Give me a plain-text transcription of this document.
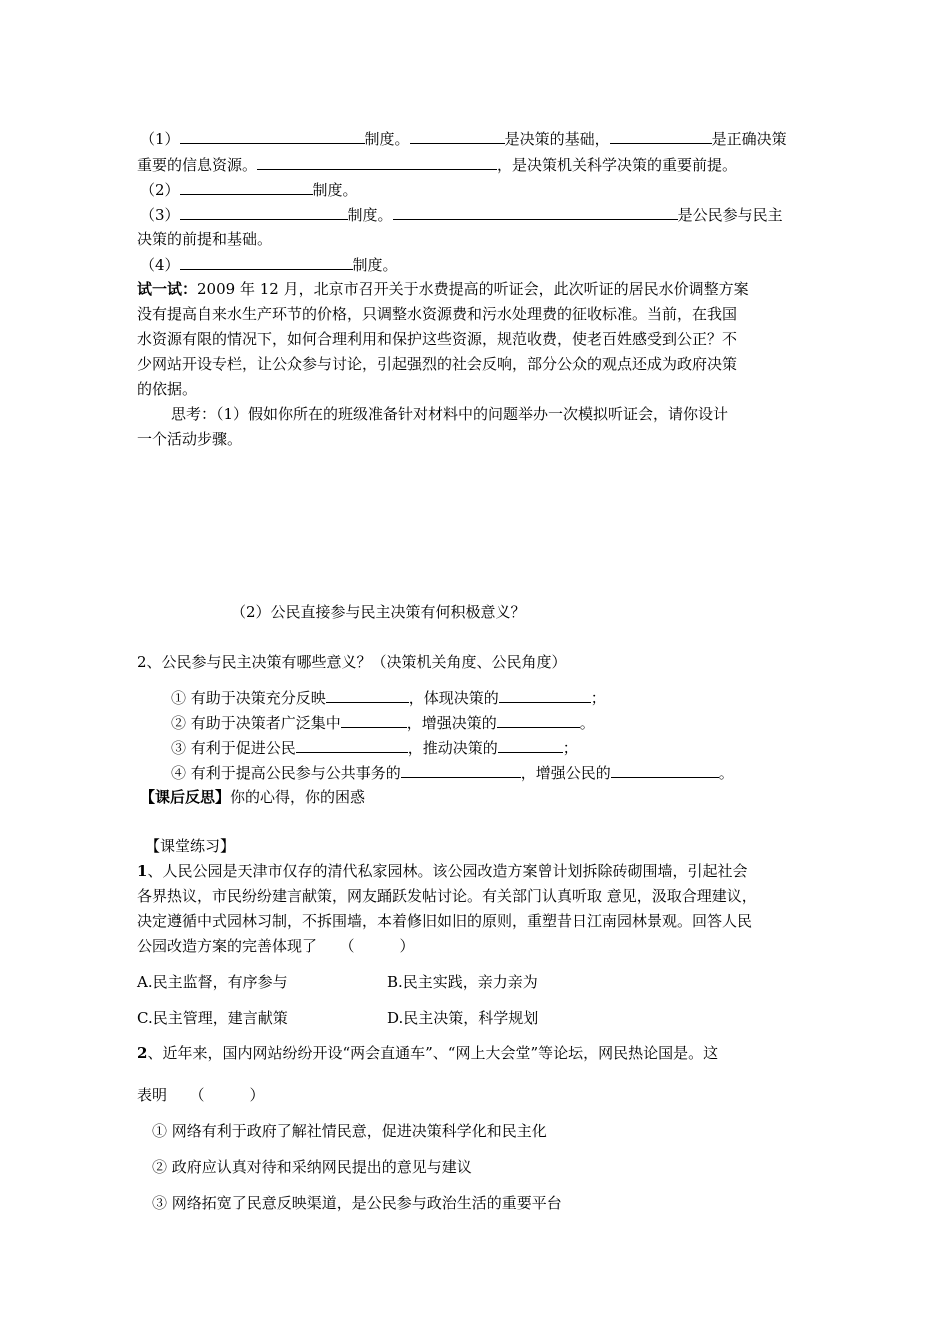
（1）	制度。	是决策的基础，	是正确决策
重要的信息资源。	，是决策机关科学决策的重要前提。
（2）	制度。
（3）	制度。	是公民参与民主
决策的前提和基础。
（4）	制度。
试一试：2009 年 12 月，北京市召开关于水费提高的听证会，此次听证的居民水价调整方案
没有提高自来水生产环节的价格，只调整水资源费和污水处理费的征收标准。当前，在我国
水资源有限的情况下，如何合理利用和保护这些资源，规范收费，使老百姓感受到公正？不
少网站开设专栏，让公众参与讨论，引起强烈的社会反响，部分公众的观点还成为政府决策
的依据。
思考：（1）假如你所在的班级准备针对材料中的问题举办一次模拟听证会，请你设计
一个活动步骤。
（2）公民直接参与民主决策有何积极意义？
2、公民参与民主决策有哪些意义？（决策机关角度、公民角度）
① 有助于决策充分反映	，体现决策的	；
② 有助于决策者广泛集中	，增强决策的	。
③ 有利于促进公民	，推动决策的	；
④ 有利于提高公民参与公共事务的	，增强公民的	。
【课后反思】你的心得，你的困惑
【课堂练习】
1、人民公园是天津市仅存的清代私家园林。该公园改造方案曾计划拆除砖砌围墙，引起社会
各界热议，市民纷纷建言献策，网友踊跃发帖讨论。有关部门认真听取 意见，汲取合理建议，
决定遵循中式园林习制，不拆围墙，本着修旧如旧的原则，重塑昔日江南园林景观。回答人民
公园改造方案的完善体现了　　（　　　）
A.民主监督，有序参与	B.民主实践，亲力亲为
C.民主管理，建言献策	D.民主决策，科学规划
2、近年来，国内网站纷纷开设“两会直通车”、“网上大会堂”等论坛，网民热论国是。这
表明　　（　　　）
① 网络有利于政府了解社情民意，促进决策科学化和民主化
② 政府应认真对待和采纳网民提出的意见与建议
③ 网络拓宽了民意反映渠道，是公民参与政治生活的重要平台
